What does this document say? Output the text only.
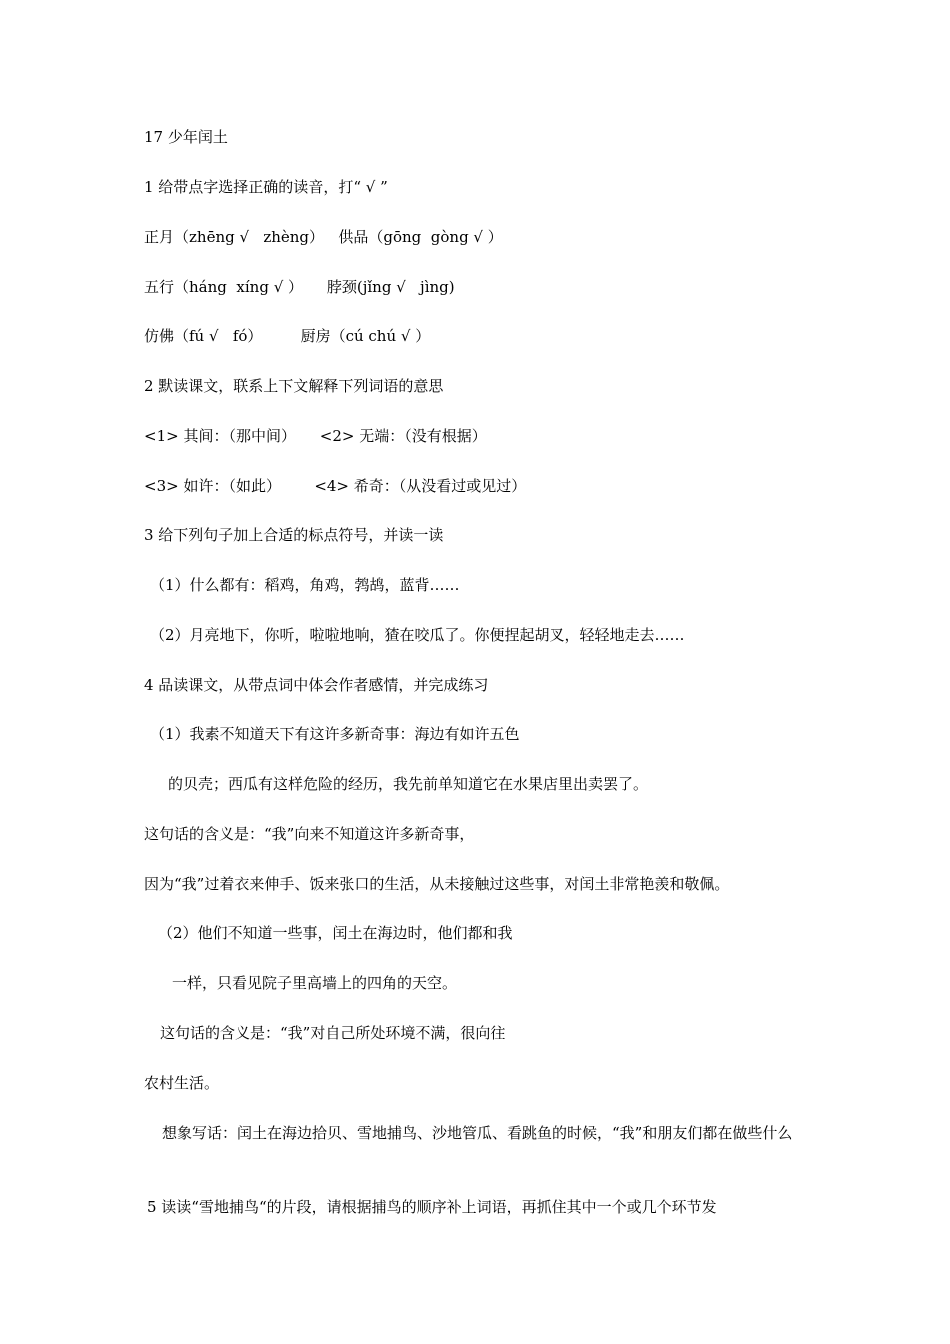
17 少年闰土
1 给带点字选择正确的读音，打“ √ ”
正月（zhēng √   zhèng）   供品（gōng  gòng √ ）
五行（háng  xíng √ ）     脖颈(jǐng √   jìng)
仿佛（fú √   fó）        厨房（cú chú √ ）
2 默读课文，联系上下文解释下列词语的意思
<1> 其间：（那中间）     <2> 无端：（没有根据）
<3> 如许：（如此）       <4> 希奇：（从没看过或见过）
3 给下列句子加上合适的标点符号，并读一读
（1）什么都有：稻鸡，角鸡，鹁鸪，蓝背……
（2）月亮地下，你听，啦啦地响，猹在咬瓜了。你便捏起胡叉，轻轻地走去……
4 品读课文，从带点词中体会作者感情，并完成练习
（1）我素不知道天下有这许多新奇事：海边有如许五色
的贝壳；西瓜有这样危险的经历，我先前单知道它在水果店里出卖罢了。
这句话的含义是：“我”向来不知道这许多新奇事，
因为“我”过着衣来伸手、饭来张口的生活，从未接触过这些事，对闰土非常艳羡和敬佩。
（2）他们不知道一些事，闰土在海边时，他们都和我
一样，只看见院子里高墙上的四角的天空。
这句话的含义是：“我”对自己所处环境不满，很向往
农村生活。
想象写话：闰土在海边拾贝、雪地捕鸟、沙地管瓜、看跳鱼的时候，“我”和朋友们都在做些什么
5 读读“雪地捕鸟“的片段，请根据捕鸟的顺序补上词语，再抓住其中一个或几个环节发
